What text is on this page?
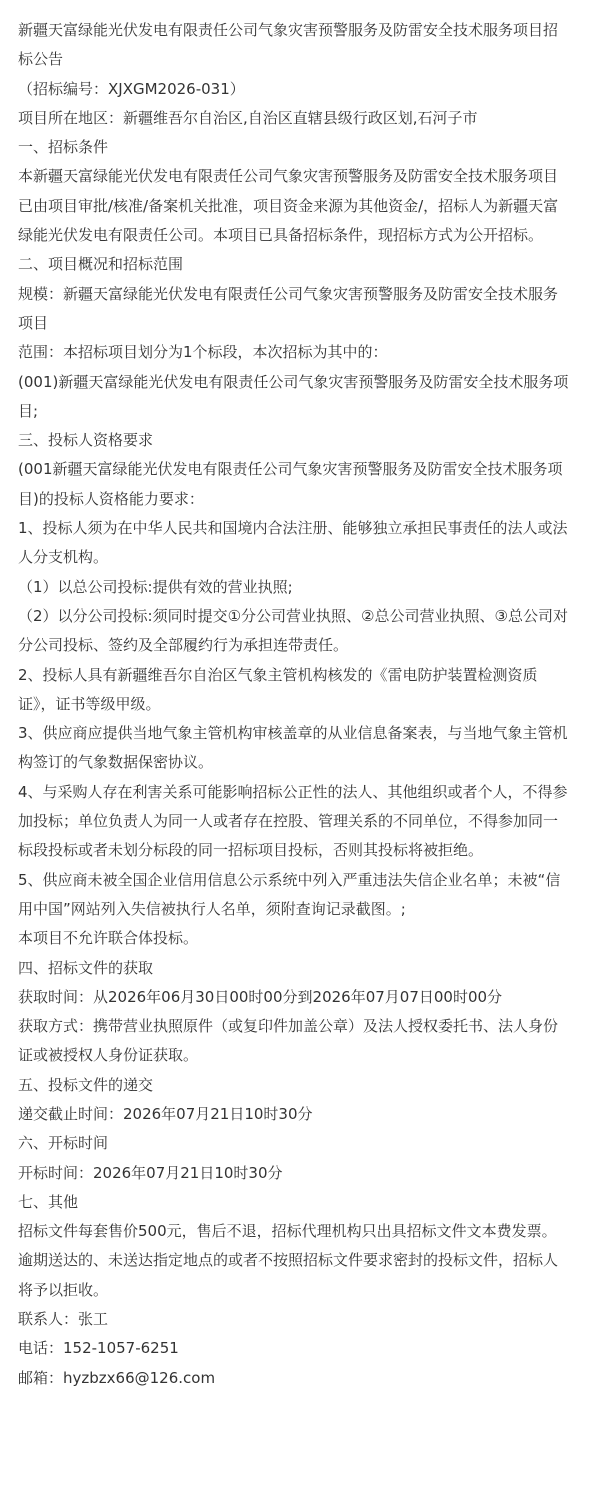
新疆天富绿能光伏发电有限责任公司气象灾害预警服务及防雷安全技术服务项目招标公告

（招标编号：XJXGM2026-031）

项目所在地区：新疆维吾尔自治区,自治区直辖县级行政区划,石河子市

一、招标条件

本新疆天富绿能光伏发电有限责任公司气象灾害预警服务及防雷安全技术服务项目已由项目审批/核准/备案机关批准，项目资金来源为其他资金/，招标人为新疆天富绿能光伏发电有限责任公司。本项目已具备招标条件，现招标方式为公开招标。

二、项目概况和招标范围

规模：新疆天富绿能光伏发电有限责任公司气象灾害预警服务及防雷安全技术服务项目

范围：本招标项目划分为1个标段，本次招标为其中的：

(001)新疆天富绿能光伏发电有限责任公司气象灾害预警服务及防雷安全技术服务项目;

三、投标人资格要求

(001新疆天富绿能光伏发电有限责任公司气象灾害预警服务及防雷安全技术服务项目)的投标人资格能力要求：

1、投标人须为在中华人民共和国境内合法注册、能够独立承担民事责任的法人或法人分支机构。

（1）以总公司投标:提供有效的营业执照;

（2）以分公司投标:须同时提交①分公司营业执照、②总公司营业执照、③总公司对分公司投标、签约及全部履约行为承担连带责任。

2、投标人具有新疆维吾尔自治区气象主管机构核发的《雷电防护装置检测资质证》，证书等级甲级。

3、供应商应提供当地气象主管机构审核盖章的从业信息备案表，与当地气象主管机构签订的气象数据保密协议。

4、与采购人存在利害关系可能影响招标公正性的法人、其他组织或者个人，不得参加投标；单位负责人为同一人或者存在控股、管理关系的不同单位，不得参加同一标段投标或者未划分标段的同一招标项目投标，否则其投标将被拒绝。

5、供应商未被全国企业信用信息公示系统中列入严重违法失信企业名单；未被“信用中国”网站列入失信被执行人名单，须附查询记录截图。;

本项目不允许联合体投标。

四、招标文件的获取

获取时间：从2026年06月30日00时00分到2026年07月07日00时00分

获取方式：携带营业执照原件（或复印件加盖公章）及法人授权委托书、法人身份证或被授权人身份证获取。

五、投标文件的递交

递交截止时间：2026年07月21日10时30分

六、开标时间

开标时间：2026年07月21日10时30分

七、其他

招标文件每套售价500元，售后不退，招标代理机构只出具招标文件文本费发票。逾期送达的、未送达指定地点的或者不按照招标文件要求密封的投标文件，招标人将予以拒收。

联系人：张工

电话：152-1057-6251

邮箱：hyzbzx66@126.com
